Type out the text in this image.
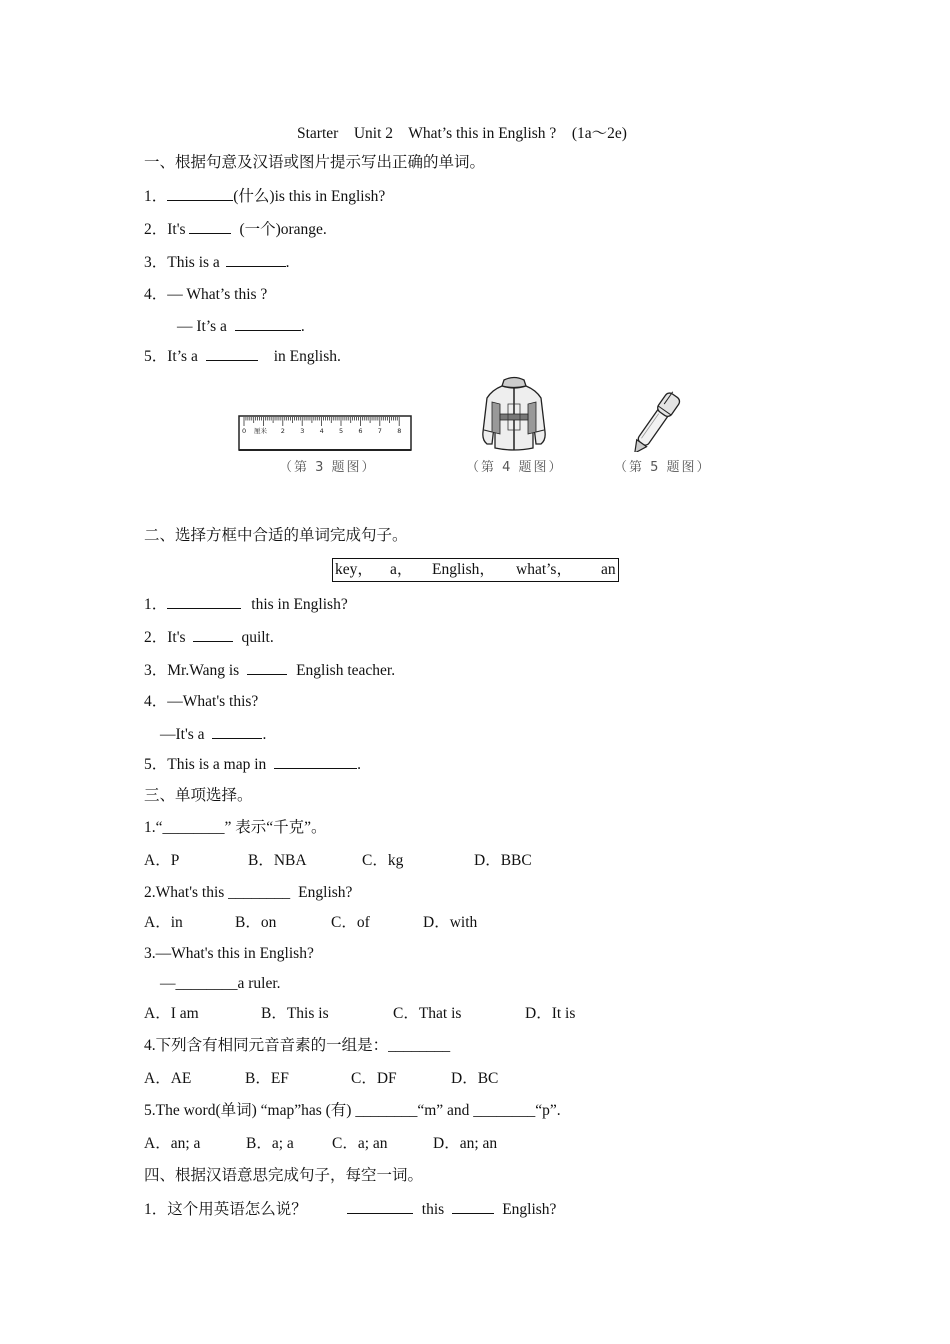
Starter    Unit 2    What’s this in English ?    (1a～2e)
一、根据句意及汉语或图片提示写出正确的单词。
1．	(什么)is this in English?
2．It's	(一个)orange.
3．This is a	.
4．— What’s this ?
— It’s a	.
5．It’s a	in English.
0	2 3 4 5 6 7 8
厘米
（第 3 题图）	（第 4 题图）	（第 5 题图）
二、选择方框中合适的单词完成句子。
key， a， English， what’s， an
1．	this in English?
2．It's	quilt.
3．Mr.Wang is	English teacher.
4．—What's this?
—It's a	.
5．This is a map in	.
三、单项选择。
1.“________” 表示“千克”。
A．P	B．NBA	C．kg	D．BBC
2.What's this ________ English?
A．in	B．on	C．of	D．with
3.—What's this in English?
—________a ruler.
A．I am	B．This is	C．That is	D．It is
4.下列含有相同元音音素的一组是：________
A．AE	B．EF	C．DF	D．BC
5.The word(单词) “map”has (有) ________“m” and ________“p”.
A．an; a	B．a; a C．a; an	D．an; an
四、根据汉语意思完成句子，每空一词。
1．这个用英语怎么说？	this	English?
